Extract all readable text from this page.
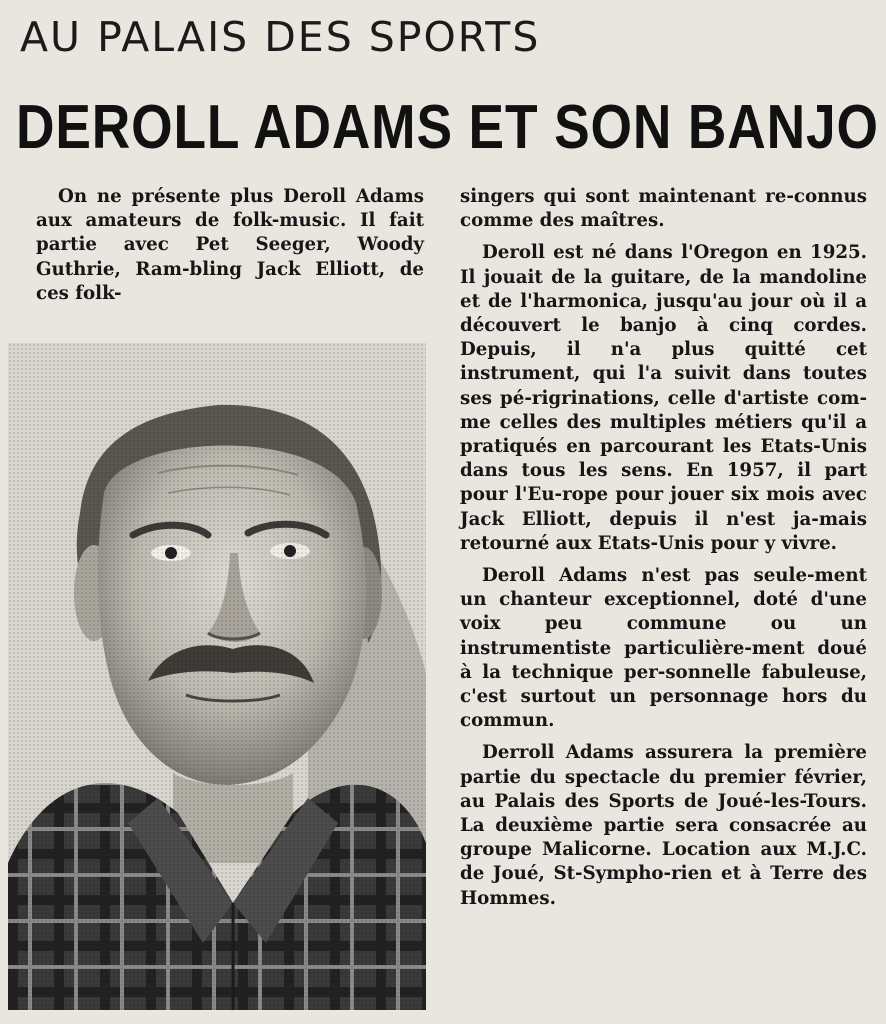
AU PALAIS DES SPORTS
DEROLL ADAMS ET SON BANJO

On ne présente plus Deroll Adams aux amateurs de folk-music. Il fait partie avec Pet Seeger, Woody Guthrie, Ram-bling Jack Elliott, de ces folk-

singers qui sont maintenant re-connus comme des maîtres.

Deroll est né dans l'Oregon en 1925. Il jouait de la guitare, de la mandoline et de l'harmonica, jusqu'au jour où il a découvert le banjo à cinq cordes. Depuis, il n'a plus quitté cet instrument, qui l'a suivit dans toutes ses pé-rigrinations, celle d'artiste com-me celles des multiples métiers qu'il a pratiqués en parcourant les Etats-Unis dans tous les sens. En 1957, il part pour l'Eu-rope pour jouer six mois avec Jack Elliott, depuis il n'est ja-mais retourné aux Etats-Unis pour y vivre.

Deroll Adams n'est pas seule-ment un chanteur exceptionnel, doté d'une voix peu commune ou un instrumentiste particulière-ment doué à la technique per-sonnelle fabuleuse, c'est surtout un personnage hors du commun.

Derroll Adams assurera la première partie du spectacle du premier février, au Palais des Sports de Joué-les-Tours. La deuxième partie sera consacrée au groupe Malicorne. Location aux M.J.C. de Joué, St-Sympho-rien et à Terre des Hommes.
